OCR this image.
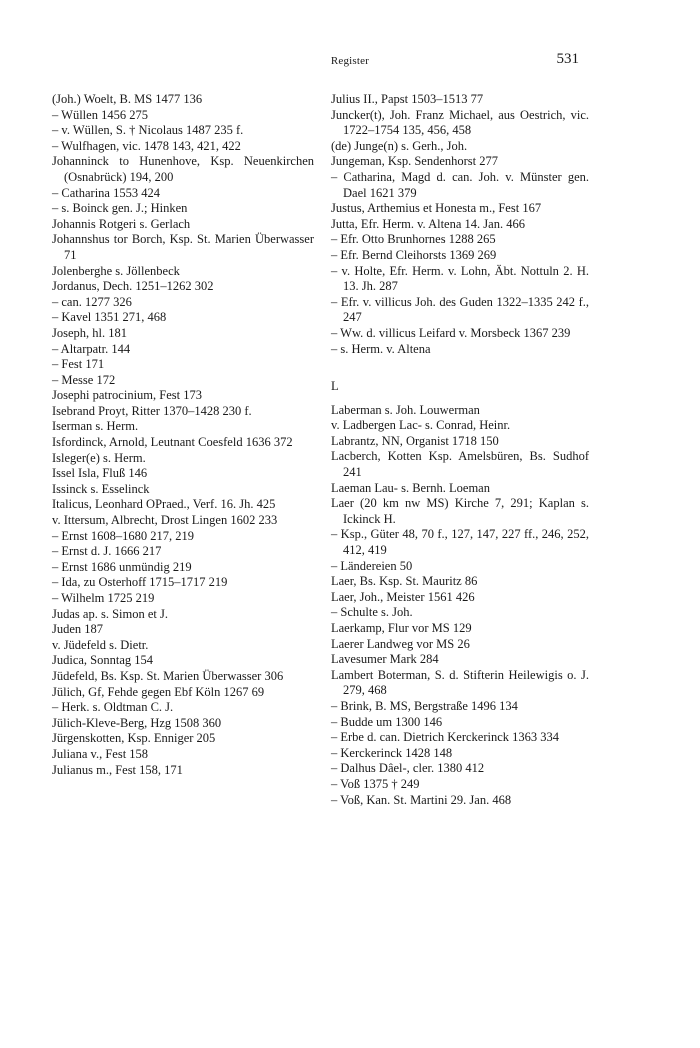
Register	531
(Joh.) Woelt, B. MS 1477 136
– Wüllen 1456 275
– v. Wüllen, S. † Nicolaus 1487 235 f.
– Wulfhagen, vic. 1478 143, 421, 422
Johanninck to Hunenhove, Ksp. Neuenkirchen (Osnabrück) 194, 200
– Catharina 1553 424
– s. Boinck gen. J.; Hinken
Johannis Rotgeri s. Gerlach
Johannshus tor Borch, Ksp. St. Marien Überwasser 71
Jolenberghe s. Jöllenbeck
Jordanus, Dech. 1251–1262 302
– can. 1277 326
– Kavel 1351 271, 468
Joseph, hl. 181
– Altarpatr. 144
– Fest 171
– Messe 172
Josephi patrocinium, Fest 173
Isebrand Proyt, Ritter 1370–1428 230 f.
Iserman s. Herm.
Isfordinck, Arnold, Leutnant Coesfeld 1636 372
Isleger(e) s. Herm.
Issel Isla, Fluß 146
Issinck s. Esselinck
Italicus, Leonhard OPraed., Verf. 16. Jh. 425
v. Ittersum, Albrecht, Drost Lingen 1602 233
– Ernst 1608–1680 217, 219
– Ernst d. J. 1666 217
– Ernst 1686 unmündig 219
– Ida, zu Osterhoff 1715–1717 219
– Wilhelm 1725 219
Judas ap. s. Simon et J.
Juden 187
v. Jüdefeld s. Dietr.
Judica, Sonntag 154
Jüdefeld, Bs. Ksp. St. Marien Überwasser 306
Jülich, Gf, Fehde gegen Ebf Köln 1267 69
– Herk. s. Oldtman C. J.
Jülich-Kleve-Berg, Hzg 1508 360
Jürgenskotten, Ksp. Enniger 205
Juliana v., Fest 158
Julianus m., Fest 158, 171
Julius II., Papst 1503–1513 77
Juncker(t), Joh. Franz Michael, aus Oestrich, vic. 1722–1754 135, 456, 458
(de) Junge(n) s. Gerh., Joh.
Jungeman, Ksp. Sendenhorst 277
– Catharina, Magd d. can. Joh. v. Münster gen. Dael 1621 379
Justus, Arthemius et Honesta m., Fest 167
Jutta, Efr. Herm. v. Altena 14. Jan. 466
– Efr. Otto Brunhornes 1288 265
– Efr. Bernd Cleihorsts 1369 269
– v. Holte, Efr. Herm. v. Lohn, Äbt. Nottuln 2. H. 13. Jh. 287
– Efr. v. villicus Joh. des Guden 1322–1335 242 f., 247
– Ww. d. villicus Leifard v. Morsbeck 1367 239
– s. Herm. v. Altena
L
Laberman s. Joh. Louwerman
v. Ladbergen Lac- s. Conrad, Heinr.
Labrantz, NN, Organist 1718 150
Lacberch, Kotten Ksp. Amelsbüren, Bs. Sudhof 241
Laeman Lau- s. Bernh. Loeman
Laer (20 km nw MS) Kirche 7, 291; Kaplan s. Ickinck H.
– Ksp., Güter 48, 70 f., 127, 147, 227 ff., 246, 252, 412, 419
– Ländereien 50
Laer, Bs. Ksp. St. Mauritz 86
Laer, Joh., Meister 1561 426
– Schulte s. Joh.
Laerkamp, Flur vor MS 129
Laerer Landweg vor MS 26
Lavesumer Mark 284
Lambert Boterman, S. d. Stifterin Heilewigis o. J. 279, 468
– Brink, B. MS, Bergstraße 1496 134
– Budde um 1300 146
– Erbe d. can. Dietrich Kerckerinck 1363 334
– Kerckerinck 1428 148
– Dalhus Dâel-, cler. 1380 412
– Voß 1375 † 249
– Voß, Kan. St. Martini 29. Jan. 468
